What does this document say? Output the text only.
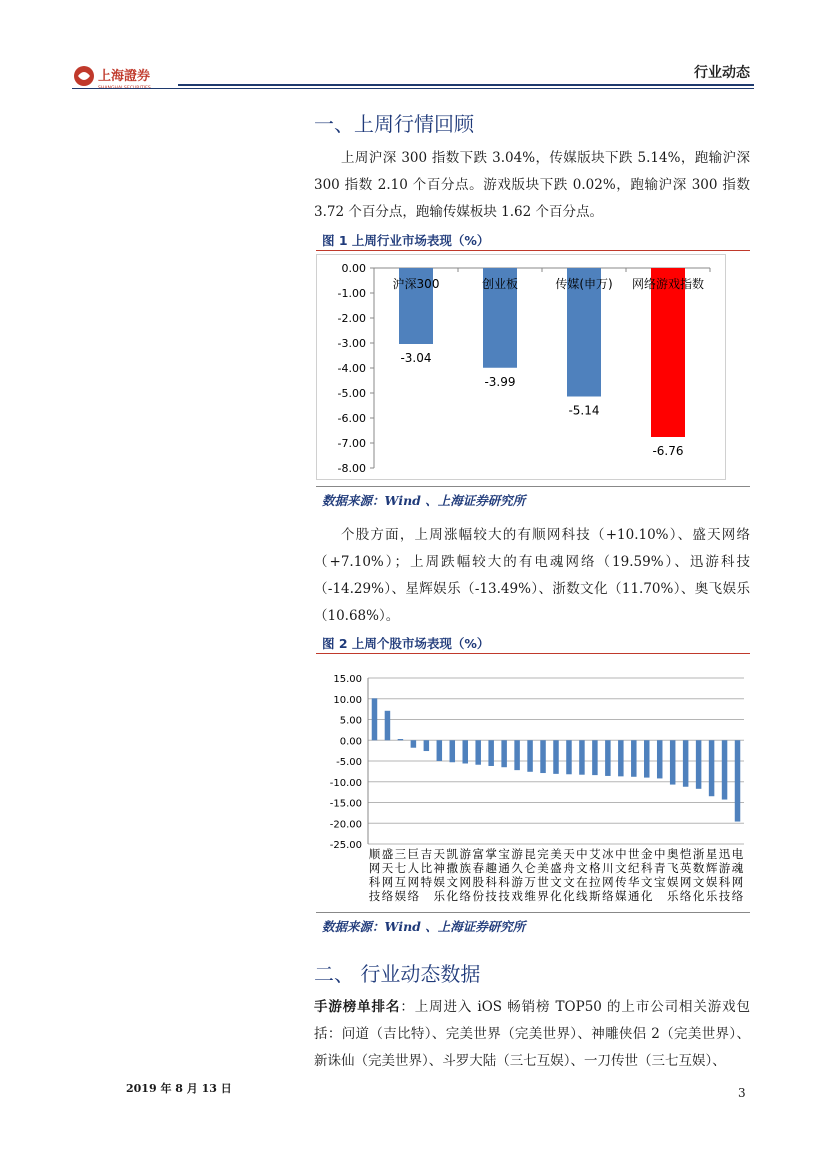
上海證券
SHANGHAI SECURITIES
行业动态
一、上周行情回顾
上周沪深 300 指数下跌 3.04%，传媒版块下跌 5.14%，跑输沪深 300 指数 2.10 个百分点。游戏版块下跌 0.02%，跑输沪深 300 指数 3.72 个百分点，跑输传媒板块 1.62 个百分点。
图 1 上周行业市场表现（%）
0.00
-1.00
-2.00
-3.00
-4.00
-5.00
-6.00
-7.00
-8.00
沪深300
-3.04
创业板
-3.99
传媒(申万)
-5.14
网络游戏指数
-6.76
数据来源：Wind 、上海证券研究所
个股方面，上周涨幅较大的有顺网科技（+10.10%）、盛天网络（+7.10%）；上周跌幅较大的有电魂网络（19.59%）、迅游科技（-14.29%）、星辉娱乐（-13.49%）、浙数文化（11.70%）、奥飞娱乐（10.68%）。
图 2 上周个股市场表现（%）
15.00
10.00
5.00
0.00
-5.00
-10.00
-15.00
-20.00
-25.00
顺网科技
盛天网络
三七互娱
巨人网络
吉比特
天神娱乐
凯撒文化
游族网络
富春股份
掌趣科技
宝通科技
游久游戏
昆仑万维
完美世界
美盛文化
天舟文化
中文在线
艾格拉斯
冰川网络
中文传媒
世纪华通
金科文化
中青宝
奥飞娱乐
恺英网络
浙数文化
星辉娱乐
迅游科技
电魂网络
数据来源：Wind 、上海证券研究所
二、 行业动态数据
手游榜单排名：上周进入 iOS 畅销榜 TOP50 的上市公司相关游戏包括：问道（吉比特）、完美世界（完美世界）、神雕侠侣 2（完美世界）、新诛仙（完美世界）、斗罗大陆（三七互娱）、一刀传世（三七互娱）、
2019 年 8 月 13 日	3
